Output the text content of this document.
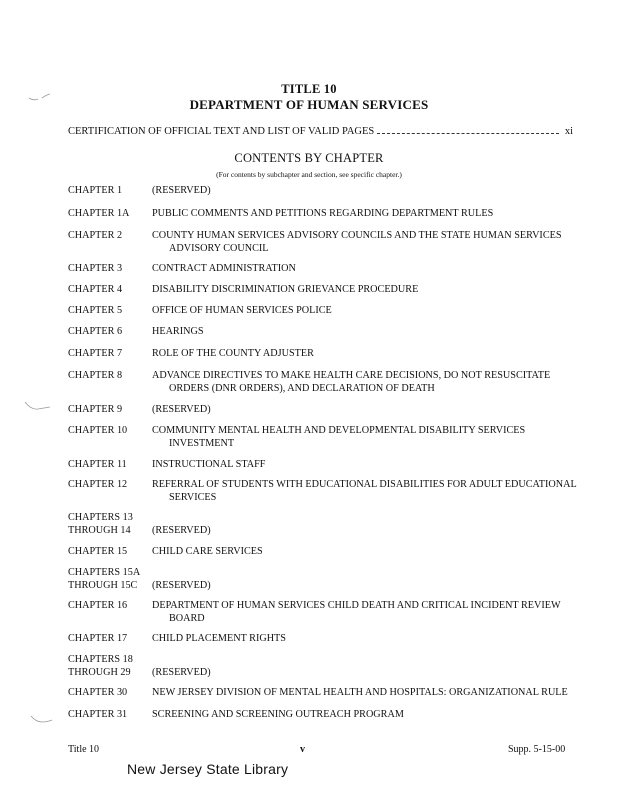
TITLE 10
DEPARTMENT OF HUMAN SERVICES
CERTIFICATION OF OFFICIAL TEXT AND LIST OF VALID PAGES	xi
CONTENTS BY CHAPTER
(For contents by subchapter and section, see specific chapter.)
CHAPTER 1	(RESERVED)
CHAPTER 1A	PUBLIC COMMENTS AND PETITIONS REGARDING DEPARTMENT RULES
CHAPTER 2	COUNTY HUMAN SERVICES ADVISORY COUNCILS AND THE STATE HUMAN SERVICES
ADVISORY COUNCIL
CHAPTER 3	CONTRACT ADMINISTRATION
CHAPTER 4	DISABILITY DISCRIMINATION GRIEVANCE PROCEDURE
CHAPTER 5	OFFICE OF HUMAN SERVICES POLICE
CHAPTER 6	HEARINGS
CHAPTER 7	ROLE OF THE COUNTY ADJUSTER
CHAPTER 8	ADVANCE DIRECTIVES TO MAKE HEALTH CARE DECISIONS, DO NOT RESUSCITATE
ORDERS (DNR ORDERS), AND DECLARATION OF DEATH
CHAPTER 9	(RESERVED)
CHAPTER 10	COMMUNITY MENTAL HEALTH AND DEVELOPMENTAL DISABILITY SERVICES
INVESTMENT
CHAPTER 11	INSTRUCTIONAL STAFF
CHAPTER 12	REFERRAL OF STUDENTS WITH EDUCATIONAL DISABILITIES FOR ADULT EDUCATIONAL
SERVICES
CHAPTERS 13
THROUGH 14	(RESERVED)
CHAPTER 15	CHILD CARE SERVICES
CHAPTERS 15A
THROUGH 15C	(RESERVED)
CHAPTER 16	DEPARTMENT OF HUMAN SERVICES CHILD DEATH AND CRITICAL INCIDENT REVIEW
BOARD
CHAPTER 17	CHILD PLACEMENT RIGHTS
CHAPTERS 18
THROUGH 29	(RESERVED)
CHAPTER 30	NEW JERSEY DIVISION OF MENTAL HEALTH AND HOSPITALS: ORGANIZATIONAL RULE
CHAPTER 31	SCREENING AND SCREENING OUTREACH PROGRAM
Title 10	v	Supp. 5-15-00
New Jersey State Library
